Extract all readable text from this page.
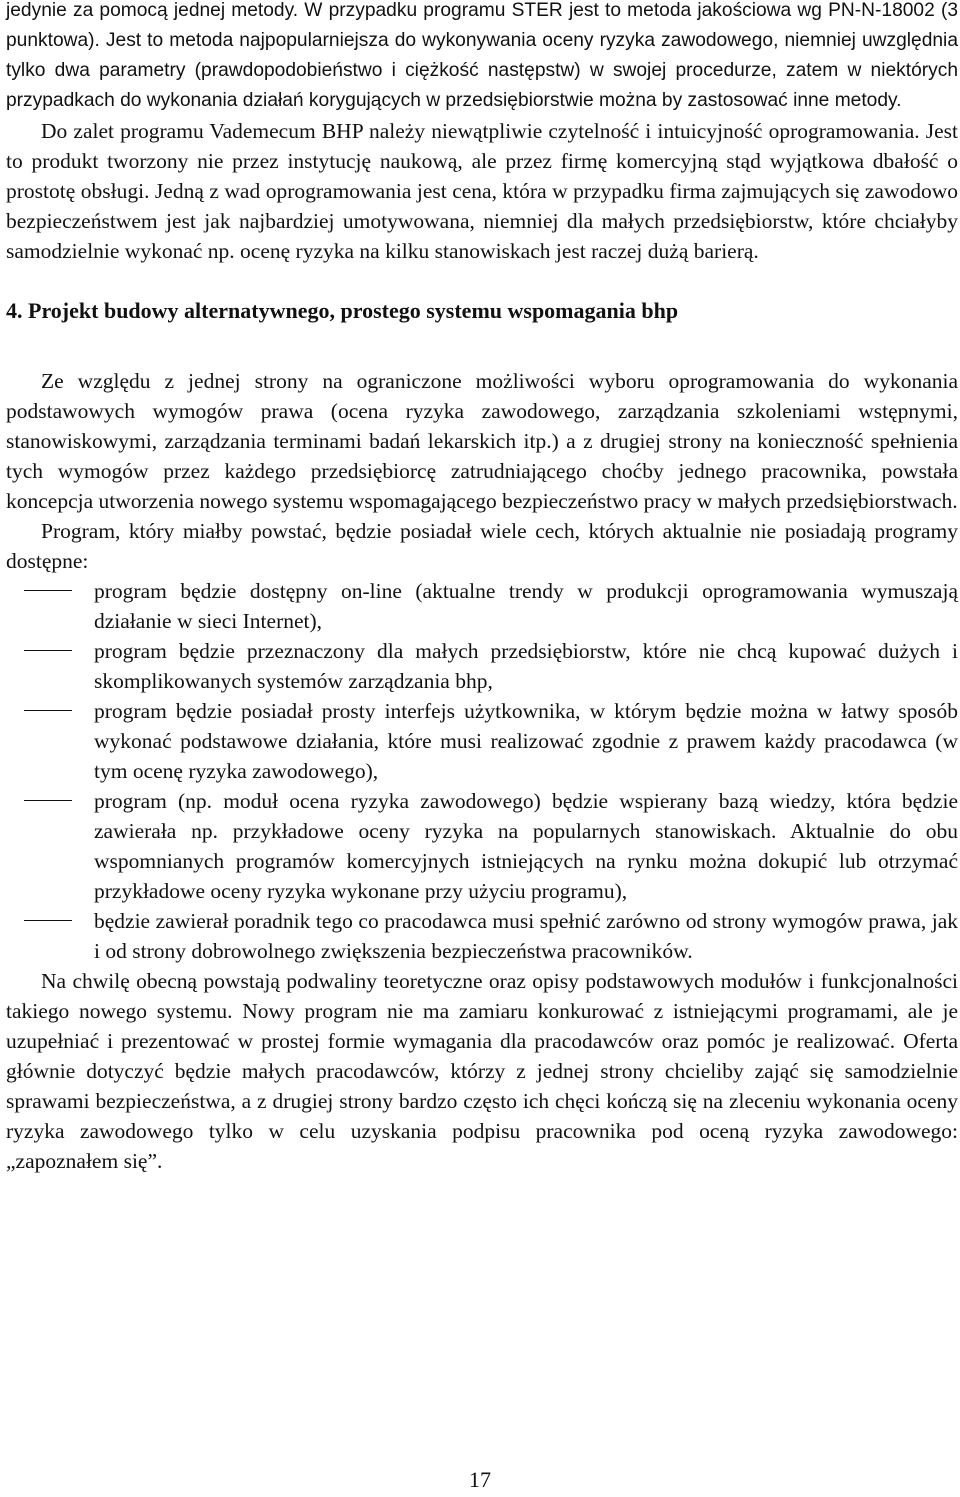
jedynie za pomocą jednej metody. W przypadku programu STER jest to metoda jakościowa wg PN-N-18002 (3 punktowa). Jest to metoda najpopularniejsza do wykonywania oceny ryzyka zawodowego, niemniej uwzględnia tylko dwa parametry (prawdopodobieństwo i ciężkość następstw) w swojej procedurze, zatem w niektórych przypadkach do wykonania działań korygujących w przedsiębiorstwie można by zastosować inne metody.

Do zalet programu Vademecum BHP należy niewątpliwie czytelność i intuicyjność oprogramowania. Jest to produkt tworzony nie przez instytucję naukową, ale przez firmę komercyjną stąd wyjątkowa dbałość o prostotę obsługi. Jedną z wad oprogramowania jest cena, która w przypadku firma zajmujących się zawodowo bezpieczeństwem jest jak najbardziej umotywowana, niemniej dla małych przedsiębiorstw, które chciałyby samodzielnie wykonać np. ocenę ryzyka na kilku stanowiskach jest raczej dużą barierą.

4. Projekt budowy alternatywnego, prostego systemu wspomagania bhp

Ze względu z jednej strony na ograniczone możliwości wyboru oprogramowania do wykonania podstawowych wymogów prawa (ocena ryzyka zawodowego, zarządzania szkoleniami wstępnymi, stanowiskowymi, zarządzania terminami badań lekarskich itp.) a z drugiej strony na konieczność spełnienia tych wymogów przez każdego przedsiębiorcę zatrudniającego choćby jednego pracownika, powstała koncepcja utworzenia nowego systemu wspomagającego bezpieczeństwo pracy w małych przedsiębiorstwach.

Program, który miałby powstać, będzie posiadał wiele cech, których aktualnie nie posiadają programy dostępne:

program będzie dostępny on-line (aktualne trendy w produkcji oprogramowania wymuszają działanie w sieci Internet),
program będzie przeznaczony dla małych przedsiębiorstw, które nie chcą kupować dużych i skomplikowanych systemów zarządzania bhp,
program będzie posiadał prosty interfejs użytkownika, w którym będzie można w łatwy sposób wykonać podstawowe działania, które musi realizować zgodnie z prawem każdy pracodawca (w tym ocenę ryzyka zawodowego),
program (np. moduł ocena ryzyka zawodowego) będzie wspierany bazą wiedzy, która będzie zawierała np. przykładowe oceny ryzyka na popularnych stanowiskach. Aktualnie do obu wspomnianych programów komercyjnych istniejących na rynku można dokupić lub otrzymać przykładowe oceny ryzyka wykonane przy użyciu programu),
będzie zawierał poradnik tego co pracodawca musi spełnić zarówno od strony wymogów prawa, jak i od strony dobrowolnego zwiększenia bezpieczeństwa pracowników.

Na chwilę obecną powstają podwaliny teoretyczne oraz opisy podstawowych modułów i funkcjonalności takiego nowego systemu. Nowy program nie ma zamiaru konkurować z istniejącymi programami, ale je uzupełniać i prezentować w prostej formie wymagania dla pracodawców oraz pomóc je realizować. Oferta głównie dotyczyć będzie małych pracodawców, którzy z jednej strony chcieliby zająć się samodzielnie sprawami bezpieczeństwa, a z drugiej strony bardzo często ich chęci kończą się na zleceniu wykonania oceny ryzyka zawodowego tylko w celu uzyskania podpisu pracownika pod oceną ryzyka zawodowego: „zapoznałem się”.

17
